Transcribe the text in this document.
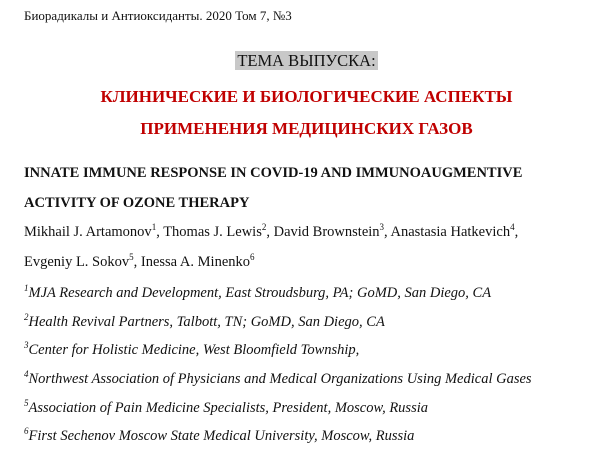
Биорадикалы и Антиоксиданты. 2020 Том 7, №3
ТЕМА ВЫПУСКА:
КЛИНИЧЕСКИЕ И БИОЛОГИЧЕСКИЕ АСПЕКТЫ
ПРИМЕНЕНИЯ МЕДИЦИНСКИХ ГАЗОВ
INNATE IMMUNE RESPONSE IN COVID-19 AND IMMUNOAUGMENTIVE
ACTIVITY OF OZONE THERAPY
Mikhail J. Artamonov$^1$, Thomas J. Lewis$^2$, David Brownstein$^3$, Anastasia Hatkevich$^4$,
Evgeniy L. Sokov$^5$, Inessa A. Minenko$^6$
$^1$MJA Research and Development, East Stroudsburg, PA; GoMD, San Diego, CA
$^2$Health Revival Partners, Talbott, TN; GoMD, San Diego, CA
$^3$Center for Holistic Medicine, West Bloomfield Township,
$^4$Northwest Association of Physicians and Medical Organizations Using Medical Gases
$^5$Association of Pain Medicine Specialists, President, Moscow, Russia
$^6$First Sechenov Moscow State Medical University, Moscow, Russia
